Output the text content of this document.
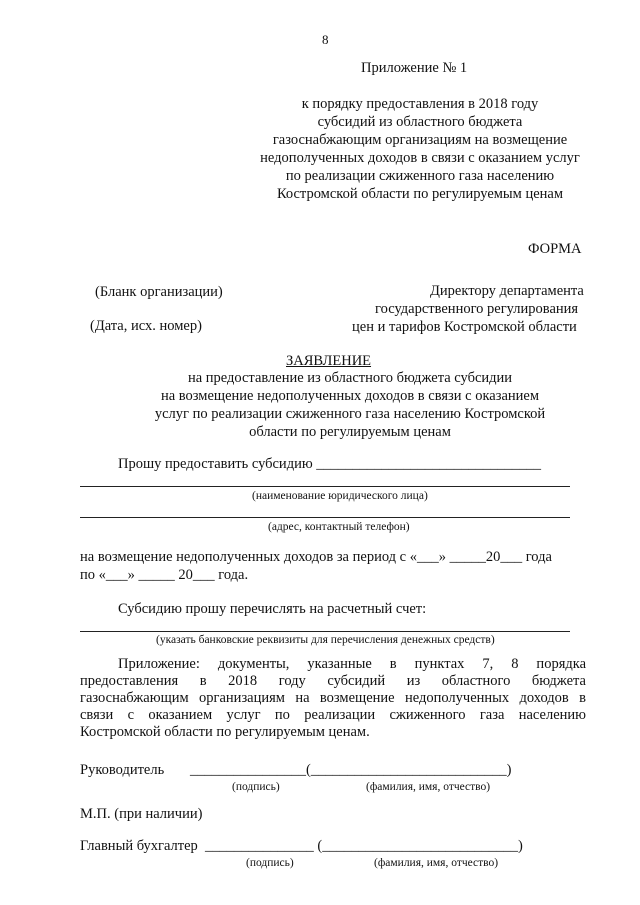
8
Приложение № 1
к порядку предоставления в 2018 году
субсидий из областного бюджета
газоснабжающим организациям на возмещение
недополученных доходов в связи с оказанием услуг
по реализации сжиженного газа населению
Костромской области по регулируемым ценам
ФОРМА
(Бланк организации)
(Дата, исх. номер)
Директору департамента
государственного регулирования
цен и тарифов Костромской области
ЗАЯВЛЕНИЕ
на предоставление из областного бюджета субсидии
на возмещение недополученных доходов в связи с оказанием
услуг по реализации сжиженного газа населению Костромской
области по регулируемым ценам
Прошу предоставить субсидию _______________________________
(наименование юридического лица)
(адрес, контактный телефон)
на возмещение недополученных доходов за период с «___» _____20___ года
по «___» _____ 20___ года.
Субсидию прошу перечислять на расчетный счет:
(указать банковские реквизиты для перечисления денежных средств)
Приложение: документы, указанные в пунктах 7, 8 порядка
предоставления в 2018 году субсидий из областного бюджета
газоснабжающим организациям на возмещение недополученных доходов в
связи с оказанием услуг по реализации сжиженного газа населению
Костромской области по регулируемым ценам.
Руководитель ________________(___________________________)
(подпись)	(фамилия, имя, отчество)
М.П. (при наличии)
Главный бухгалтер _______________ (___________________________)
(подпись)	(фамилия, имя, отчество)
